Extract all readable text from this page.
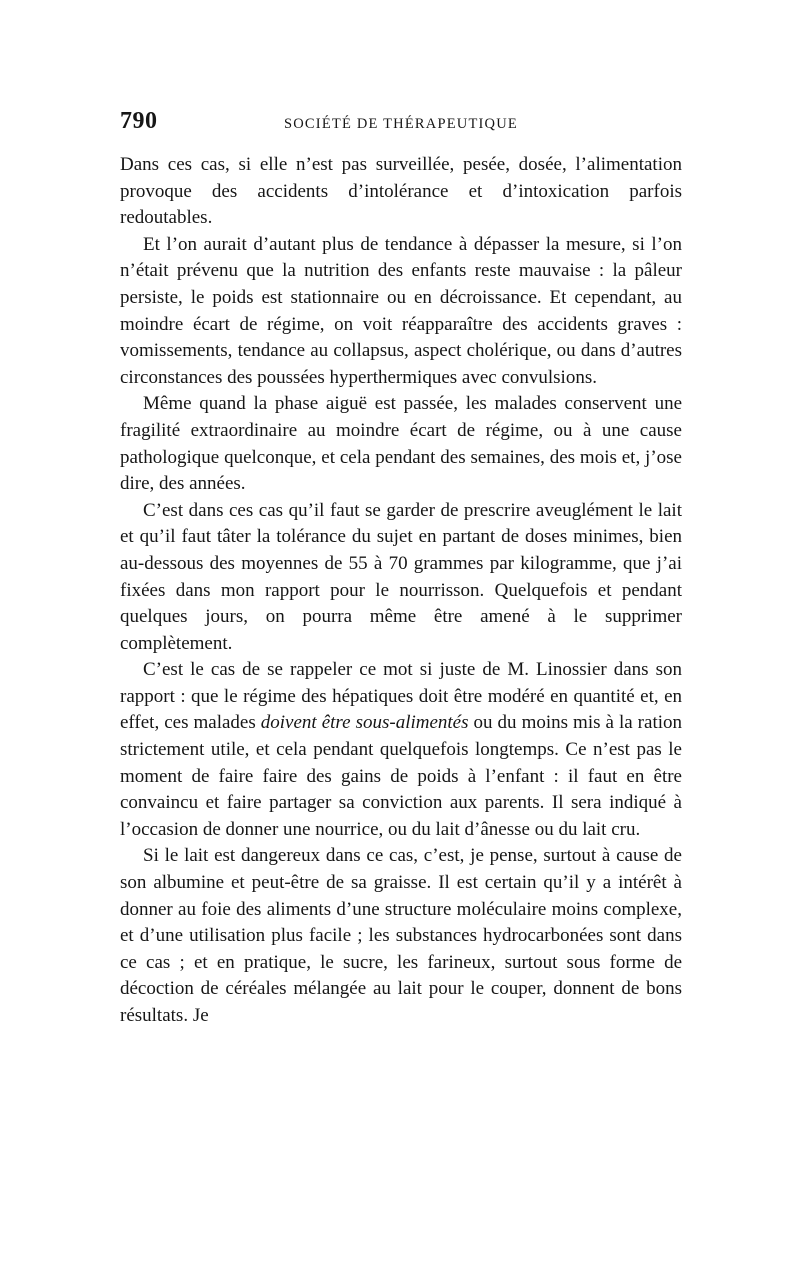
790	SOCIÉTÉ DE THÉRAPEUTIQUE

Dans ces cas, si elle n’est pas surveillée, pesée, dosée, l’alimentation provoque des accidents d’intolérance et d’intoxication parfois redoutables.

Et l’on aurait d’autant plus de tendance à dépasser la mesure, si l’on n’était prévenu que la nutrition des enfants reste mauvaise : la pâleur persiste, le poids est stationnaire ou en décroissance. Et cependant, au moindre écart de régime, on voit réapparaître des accidents graves : vomissements, tendance au collapsus, aspect cholérique, ou dans d’autres circonstances des poussées hyperthermiques avec convulsions.

Même quand la phase aiguë est passée, les malades conservent une fragilité extraordinaire au moindre écart de régime, ou à une cause pathologique quelconque, et cela pendant des semaines, des mois et, j’ose dire, des années.

C’est dans ces cas qu’il faut se garder de prescrire aveuglément le lait et qu’il faut tâter la tolérance du sujet en partant de doses minimes, bien au-dessous des moyennes de 55 à 70 grammes par kilogramme, que j’ai fixées dans mon rapport pour le nourrisson. Quelquefois et pendant quelques jours, on pourra même être amené à le supprimer complètement.

C’est le cas de se rappeler ce mot si juste de M. Linossier dans son rapport : que le régime des hépatiques doit être modéré en quantité et, en effet, ces malades doivent être sous-alimentés ou du moins mis à la ration strictement utile, et cela pendant quelquefois longtemps. Ce n’est pas le moment de faire faire des gains de poids à l’enfant : il faut en être convaincu et faire partager sa conviction aux parents. Il sera indiqué à l’occasion de donner une nourrice, ou du lait d’ânesse ou du lait cru.

Si le lait est dangereux dans ce cas, c’est, je pense, surtout à cause de son albumine et peut-être de sa graisse. Il est certain qu’il y a intérêt à donner au foie des aliments d’une structure moléculaire moins complexe, et d’une utilisation plus facile ; les substances hydrocarbonées sont dans ce cas ; et en pratique, le sucre, les farineux, surtout sous forme de décoction de céréales mélangée au lait pour le couper, donnent de bons résultats. Je
